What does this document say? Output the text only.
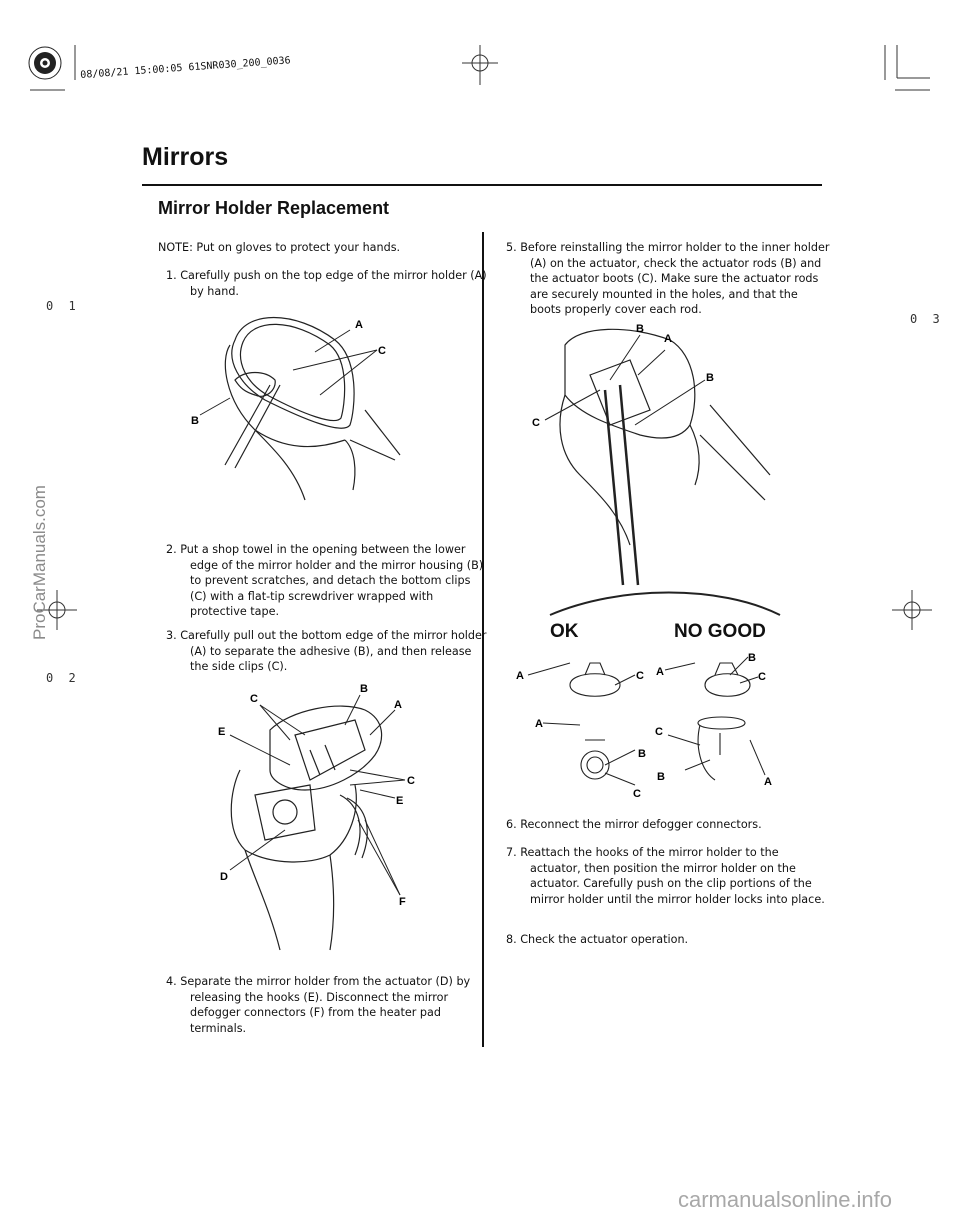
08/08/21 15:00:05 61SNR030_200_0036
Mirrors
Mirror Holder Replacement
0 1
0 2
0 3
ProCarManuals.com
NOTE: Put on gloves to protect your hands.
1. Carefully push on the top edge of the mirror holder (A) by hand.
A
C
B
2. Put a shop towel in the opening between the lower edge of the mirror holder and the mirror housing (B) to prevent scratches, and detach the bottom clips (C) with a flat-tip screwdriver wrapped with protective tape.
3. Carefully pull out the bottom edge of the mirror holder (A) to separate the adhesive (B), and then release the side clips (C).
C
B
A
E
C
E
D
F
4. Separate the mirror holder from the actuator (D) by releasing the hooks (E). Disconnect the mirror defogger connectors (F) from the heater pad terminals.
5. Before reinstalling the mirror holder to the inner holder (A) on the actuator, check the actuator rods (B) and the actuator boots (C). Make sure the actuator rods are securely mounted in the holes, and that the boots properly cover each rod.
B
A
B
C
OK	NO GOOD
A	C A
B
C
A
B
C
C
B	A
6. Reconnect the mirror defogger connectors.
7. Reattach the hooks of the mirror holder to the actuator, then position the mirror holder on the actuator. Carefully push on the clip portions of the mirror holder until the mirror holder locks into place.
8. Check the actuator operation.
carmanualsonline.info
